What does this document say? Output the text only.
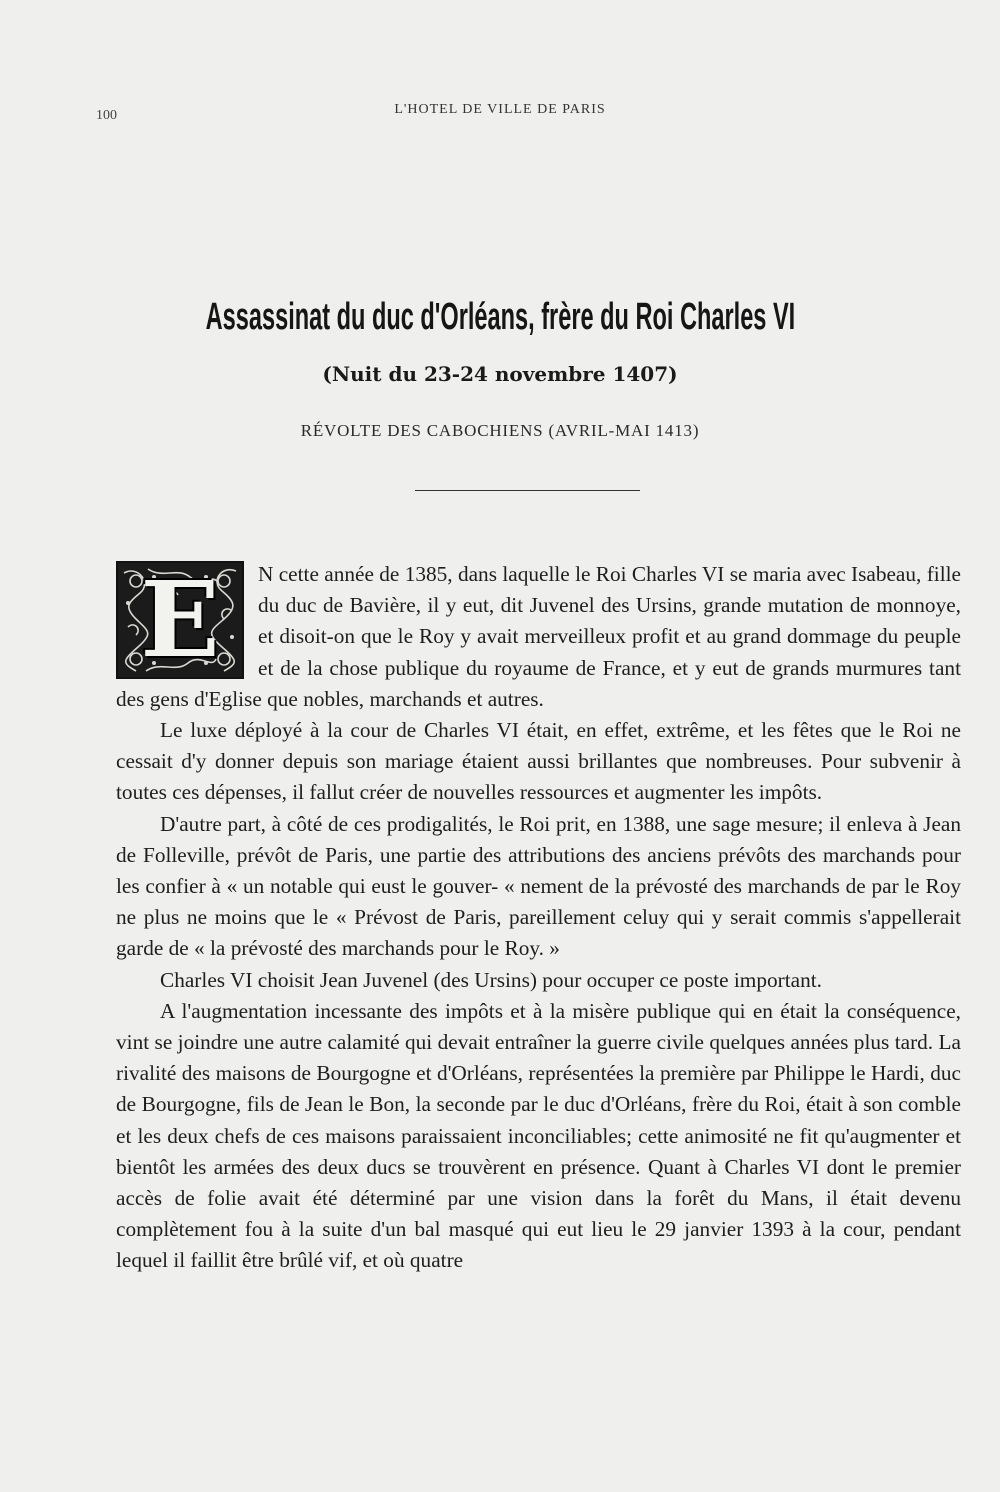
100	L'HOTEL DE VILLE DE PARIS
Assassinat du duc d'Orléans, frère du Roi Charles VI
(Nuit du 23-24 novembre 1407)
RÉVOLTE DES CABOCHIENS (AVRIL-MAI 1413)
E	N cette année de 1385, dans laquelle le Roi Charles VI se maria avec Isabeau, fille du duc de Bavière, il y eut, dit Juvenel des Ursins, grande mutation de monnoye, et disoit-on que le Roy y avait merveilleux profit et au grand dommage du peuple et de la chose publique du royaume de France, et y eut de grands murmures tant des gens d'Eglise que nobles, marchands et autres.

Le luxe déployé à la cour de Charles VI était, en effet, extrême, et les fêtes que le Roi ne cessait d'y donner depuis son mariage étaient aussi brillantes que nombreuses. Pour subvenir à toutes ces dépenses, il fallut créer de nouvelles ressources et augmenter les impôts.

D'autre part, à côté de ces prodigalités, le Roi prit, en 1388, une sage mesure; il enleva à Jean de Folleville, prévôt de Paris, une partie des attributions des anciens prévôts des marchands pour les confier à « un notable qui eust le gouver- « nement de la prévosté des marchands de par le Roy ne plus ne moins que le « Prévost de Paris, pareillement celuy qui y serait commis s'appellerait garde de « la prévosté des marchands pour le Roy. »

Charles VI choisit Jean Juvenel (des Ursins) pour occuper ce poste important.

A l'augmentation incessante des impôts et à la misère publique qui en était la conséquence, vint se joindre une autre calamité qui devait entraîner la guerre civile quelques années plus tard. La rivalité des maisons de Bourgogne et d'Orléans, représentées la première par Philippe le Hardi, duc de Bourgogne, fils de Jean le Bon, la seconde par le duc d'Orléans, frère du Roi, était à son comble et les deux chefs de ces maisons paraissaient inconciliables; cette animosité ne fit qu'augmenter et bientôt les armées des deux ducs se trouvèrent en présence. Quant à Charles VI dont le premier accès de folie avait été déterminé par une vision dans la forêt du Mans, il était devenu complètement fou à la suite d'un bal masqué qui eut lieu le 29 janvier 1393 à la cour, pendant lequel il faillit être brûlé vif, et où quatre
